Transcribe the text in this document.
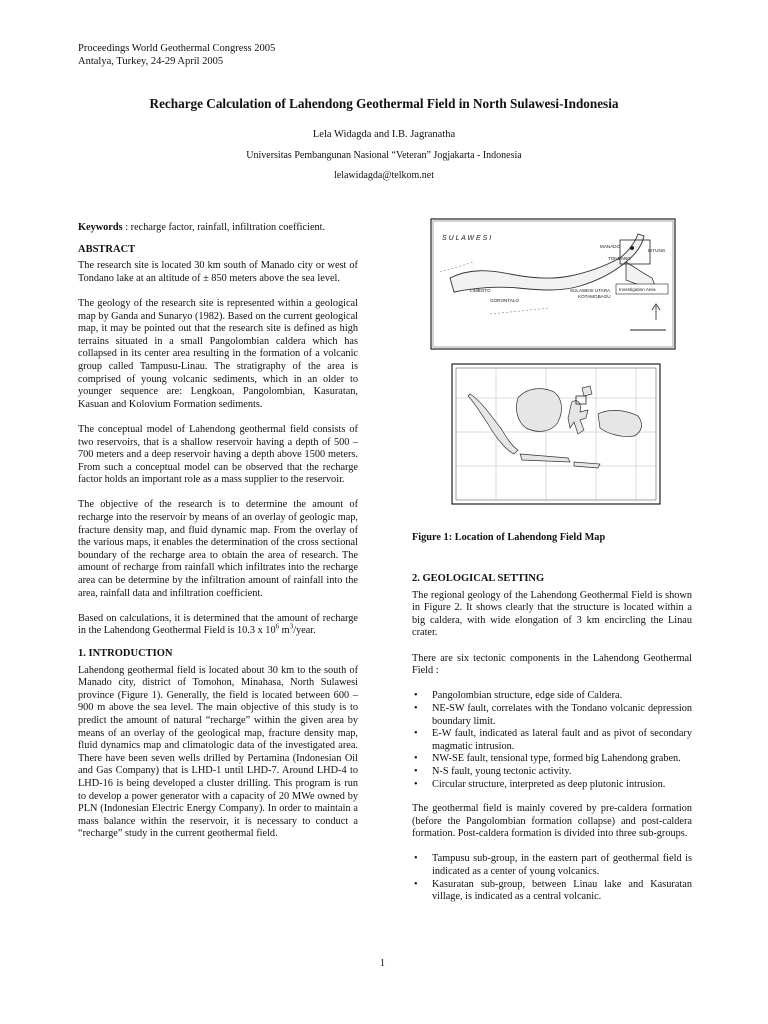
Proceedings World Geothermal Congress 2005
Antalya, Turkey, 24-29 April 2005
Recharge Calculation of Lahendong Geothermal Field in North Sulawesi-Indonesia
Lela Widagda and I.B. Jagranatha
Universitas Pembangunan Nasional “Veteran” Jogjakarta - Indonesia
lelawidagda@telkom.net

Keywords : recharge factor, rainfall, infiltration coefficient.

ABSTRACT

The research site is located 30 km south of Manado city or west of Tondano lake at an altitude of ± 850 meters above the sea level.

The geology of the research site is represented within a geological map by Ganda and Sunaryo (1982). Based on the current geological map, it may be pointed out that the research site is defined as high terrains situated in a small Pangolombian caldera which has collapsed in its center area resulting in the formation of a volcanic group called Tampusu-Linau. The stratigraphy of the area is comprised of young volcanic sediments, which in an older to younger sequence are: Lengkoan, Pangolombian, Kasuratan, Kasuan and Kolovium Formation sediments.

The conceptual model of Lahendong geothermal field consists of two reservoirs, that is a shallow reservoir having a depth of 500 – 700 meters and a deep reservoir having a depth above 1500 meters. From such a conceptual model can be observed that the recharge factor holds an important role as a mass supplier to the reservoir.

The objective of the research is to determine the amount of recharge into the reservoir by means of an overlay of geologic map, fracture density map, and fluid dynamic map. From the overlay of the various maps, it enables the determination of the cross sectional boundary of the recharge area to obtain the area of research. The amount of recharge from rainfall which infiltrates into the recharge area can be determine by the infiltration amount of rainfall into the area, rainfall data and infiltration coefficient.

Based on calculations, it is determined that the amount of recharge in the Lahendong Geothermal Field is 10.3 x $10^6$ $m^3$/year.

1. INTRODUCTION

Lahendong geothermal field is located about 30 km to the south of Manado city, district of Tomohon, Minahasa, North Sulawesi province (Figure 1). Generally, the field is located between 600 – 900 m above the sea level. The main objective of this study is to predict the amount of natural “recharge” within the given area by means of an overlay of the geological map, fracture density map, fluid dynamics map and climatologic data of the investigated area. There have been seven wells drilled by Pertamina (Indonesian Oil and Gas Company) that is LHD-1 until LHD-7. Around LHD-4 to LHD-16 is being developed a cluster drilling. This program is run to develop a power generator with a capacity of 20 MWe owned by PLN (Indonesian Electric Energy Company). In order to maintain a mass balance within the reservoir, it is necessary to conduct a “recharge” study in the current geothermal field.

S U L A W E S I
MANADO
BITUNG
TONDANO
GORONTALO
LIMBOTO	SULAWESI UTARA
KOTAMOBAGU
Investigation Area
Figure 1: Location of Lahendong Field Map
2. GEOLOGICAL SETTING

The regional geology of the Lahendong Geothermal Field is shown in Figure 2. It shows clearly that the structure is located within a big caldera, with wide elongation of 3 km encircling the Linau crater.

There are six tectonic components in the Lahendong Geothermal Field :

• Pangolombian structure, edge side of Caldera.
• NE-SW fault, correlates with the Tondano volcanic depression boundary limit.
• E-W fault, indicated as lateral fault and as pivot of secondary magmatic intrusion.
• NW-SE fault, tensional type, formed big Lahendong graben.
• N-S fault, young tectonic activity.
• Circular structure, interpreted as deep plutonic intrusion.

The geothermal field is mainly covered by pre-caldera formation (before the Pangolombian formation collapse) and post-caldera formation. Post-caldera formation is divided into three sub-groups.

• Tampusu sub-group, in the eastern part of geothermal field is indicated as a center of young volcanics.
• Kasuratan sub-group, between Linau lake and Kasuratan village, is indicated as a central volcanic.
1
